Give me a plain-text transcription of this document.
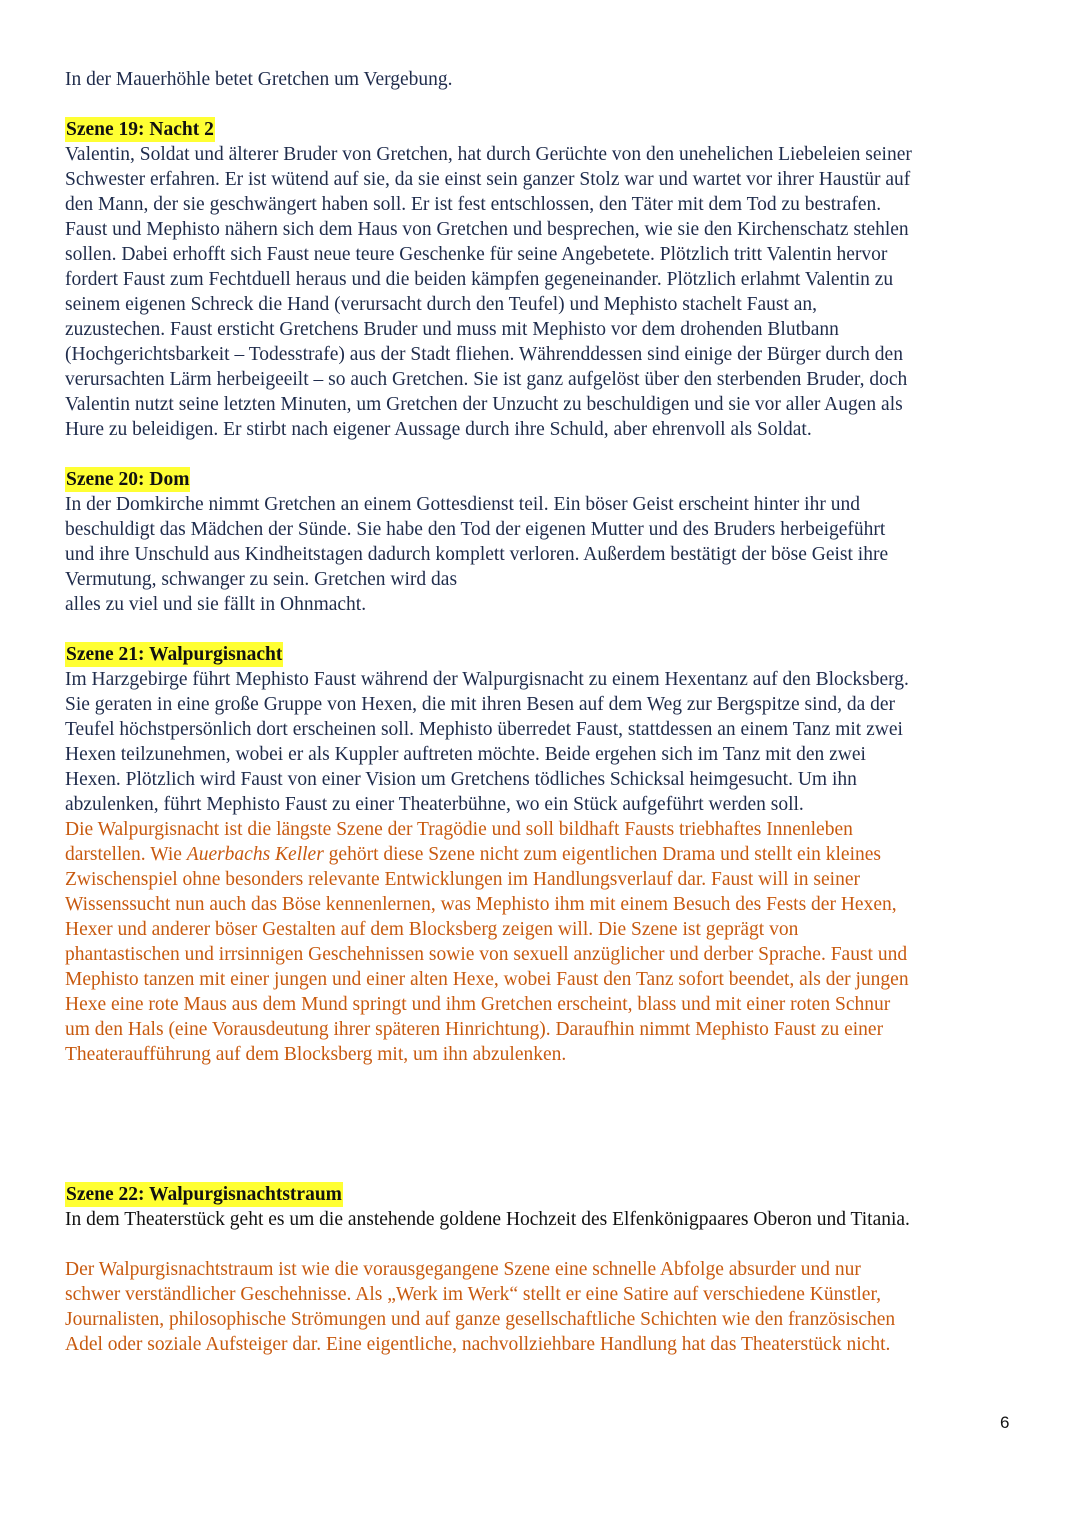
In der Mauerhöhle betet Gretchen um Vergebung.
Szene 19: Nacht 2
Valentin, Soldat und älterer Bruder von Gretchen, hat durch Gerüchte von den unehelichen Liebeleien seiner
Schwester erfahren. Er ist wütend auf sie, da sie einst sein ganzer Stolz war und wartet vor ihrer Haustür auf
den Mann, der sie geschwängert haben soll. Er ist fest entschlossen, den Täter mit dem Tod zu bestrafen.
Faust und Mephisto nähern sich dem Haus von Gretchen und besprechen, wie sie den Kirchenschatz stehlen
sollen. Dabei erhofft sich Faust neue teure Geschenke für seine Angebetete. Plötzlich tritt Valentin hervor
fordert Faust zum Fechtduell heraus und die beiden kämpfen gegeneinander. Plötzlich erlahmt Valentin zu
seinem eigenen Schreck die Hand (verursacht durch den Teufel) und Mephisto stachelt Faust an,
zuzustechen. Faust ersticht Gretchens Bruder und muss mit Mephisto vor dem drohenden Blutbann
(Hochgerichtsbarkeit – Todesstrafe) aus der Stadt fliehen. Währenddessen sind einige der Bürger durch den
verursachten Lärm herbeigeeilt – so auch Gretchen. Sie ist ganz aufgelöst über den sterbenden Bruder, doch
Valentin nutzt seine letzten Minuten, um Gretchen der Unzucht zu beschuldigen und sie vor aller Augen als
Hure zu beleidigen. Er stirbt nach eigener Aussage durch ihre Schuld, aber ehrenvoll als Soldat.
Szene 20: Dom
In der Domkirche nimmt Gretchen an einem Gottesdienst teil. Ein böser Geist erscheint hinter ihr und
beschuldigt das Mädchen der Sünde. Sie habe den Tod der eigenen Mutter und des Bruders herbeigeführt
und ihre Unschuld aus Kindheitstagen dadurch komplett verloren. Außerdem bestätigt der böse Geist ihre
Vermutung, schwanger zu sein. Gretchen wird das
alles zu viel und sie fällt in Ohnmacht.
Szene 21: Walpurgisnacht
Im Harzgebirge führt Mephisto Faust während der Walpurgisnacht zu einem Hexentanz auf den Blocksberg.
Sie geraten in eine große Gruppe von Hexen, die mit ihren Besen auf dem Weg zur Bergspitze sind, da der
Teufel höchstpersönlich dort erscheinen soll. Mephisto überredet Faust, stattdessen an einem Tanz mit zwei
Hexen teilzunehmen, wobei er als Kuppler auftreten möchte. Beide ergehen sich im Tanz mit den zwei
Hexen. Plötzlich wird Faust von einer Vision um Gretchens tödliches Schicksal heimgesucht. Um ihn
abzulenken, führt Mephisto Faust zu einer Theaterbühne, wo ein Stück aufgeführt werden soll.
Die Walpurgisnacht ist die längste Szene der Tragödie und soll bildhaft Fausts triebhaftes Innenleben
darstellen. Wie Auerbachs Keller gehört diese Szene nicht zum eigentlichen Drama und stellt ein kleines
Zwischenspiel ohne besonders relevante Entwicklungen im Handlungsverlauf dar. Faust will in seiner
Wissenssucht nun auch das Böse kennenlernen, was Mephisto ihm mit einem Besuch des Fests der Hexen,
Hexer und anderer böser Gestalten auf dem Blocksberg zeigen will. Die Szene ist geprägt von
phantastischen und irrsinnigen Geschehnissen sowie von sexuell anzüglicher und derber Sprache. Faust und
Mephisto tanzen mit einer jungen und einer alten Hexe, wobei Faust den Tanz sofort beendet, als der jungen
Hexe eine rote Maus aus dem Mund springt und ihm Gretchen erscheint, blass und mit einer roten Schnur
um den Hals (eine Vorausdeutung ihrer späteren Hinrichtung). Daraufhin nimmt Mephisto Faust zu einer
Theateraufführung auf dem Blocksberg mit, um ihn abzulenken.
Szene 22: Walpurgisnachtstraum
In dem Theaterstück geht es um die anstehende goldene Hochzeit des Elfenkönigpaares Oberon und Titania.
Der Walpurgisnachtstraum ist wie die vorausgegangene Szene eine schnelle Abfolge absurder und nur
schwer verständlicher Geschehnisse. Als „Werk im Werk“ stellt er eine Satire auf verschiedene Künstler,
Journalisten, philosophische Strömungen und auf ganze gesellschaftliche Schichten wie den französischen
Adel oder soziale Aufsteiger dar. Eine eigentliche, nachvollziehbare Handlung hat das Theaterstück nicht.
6
